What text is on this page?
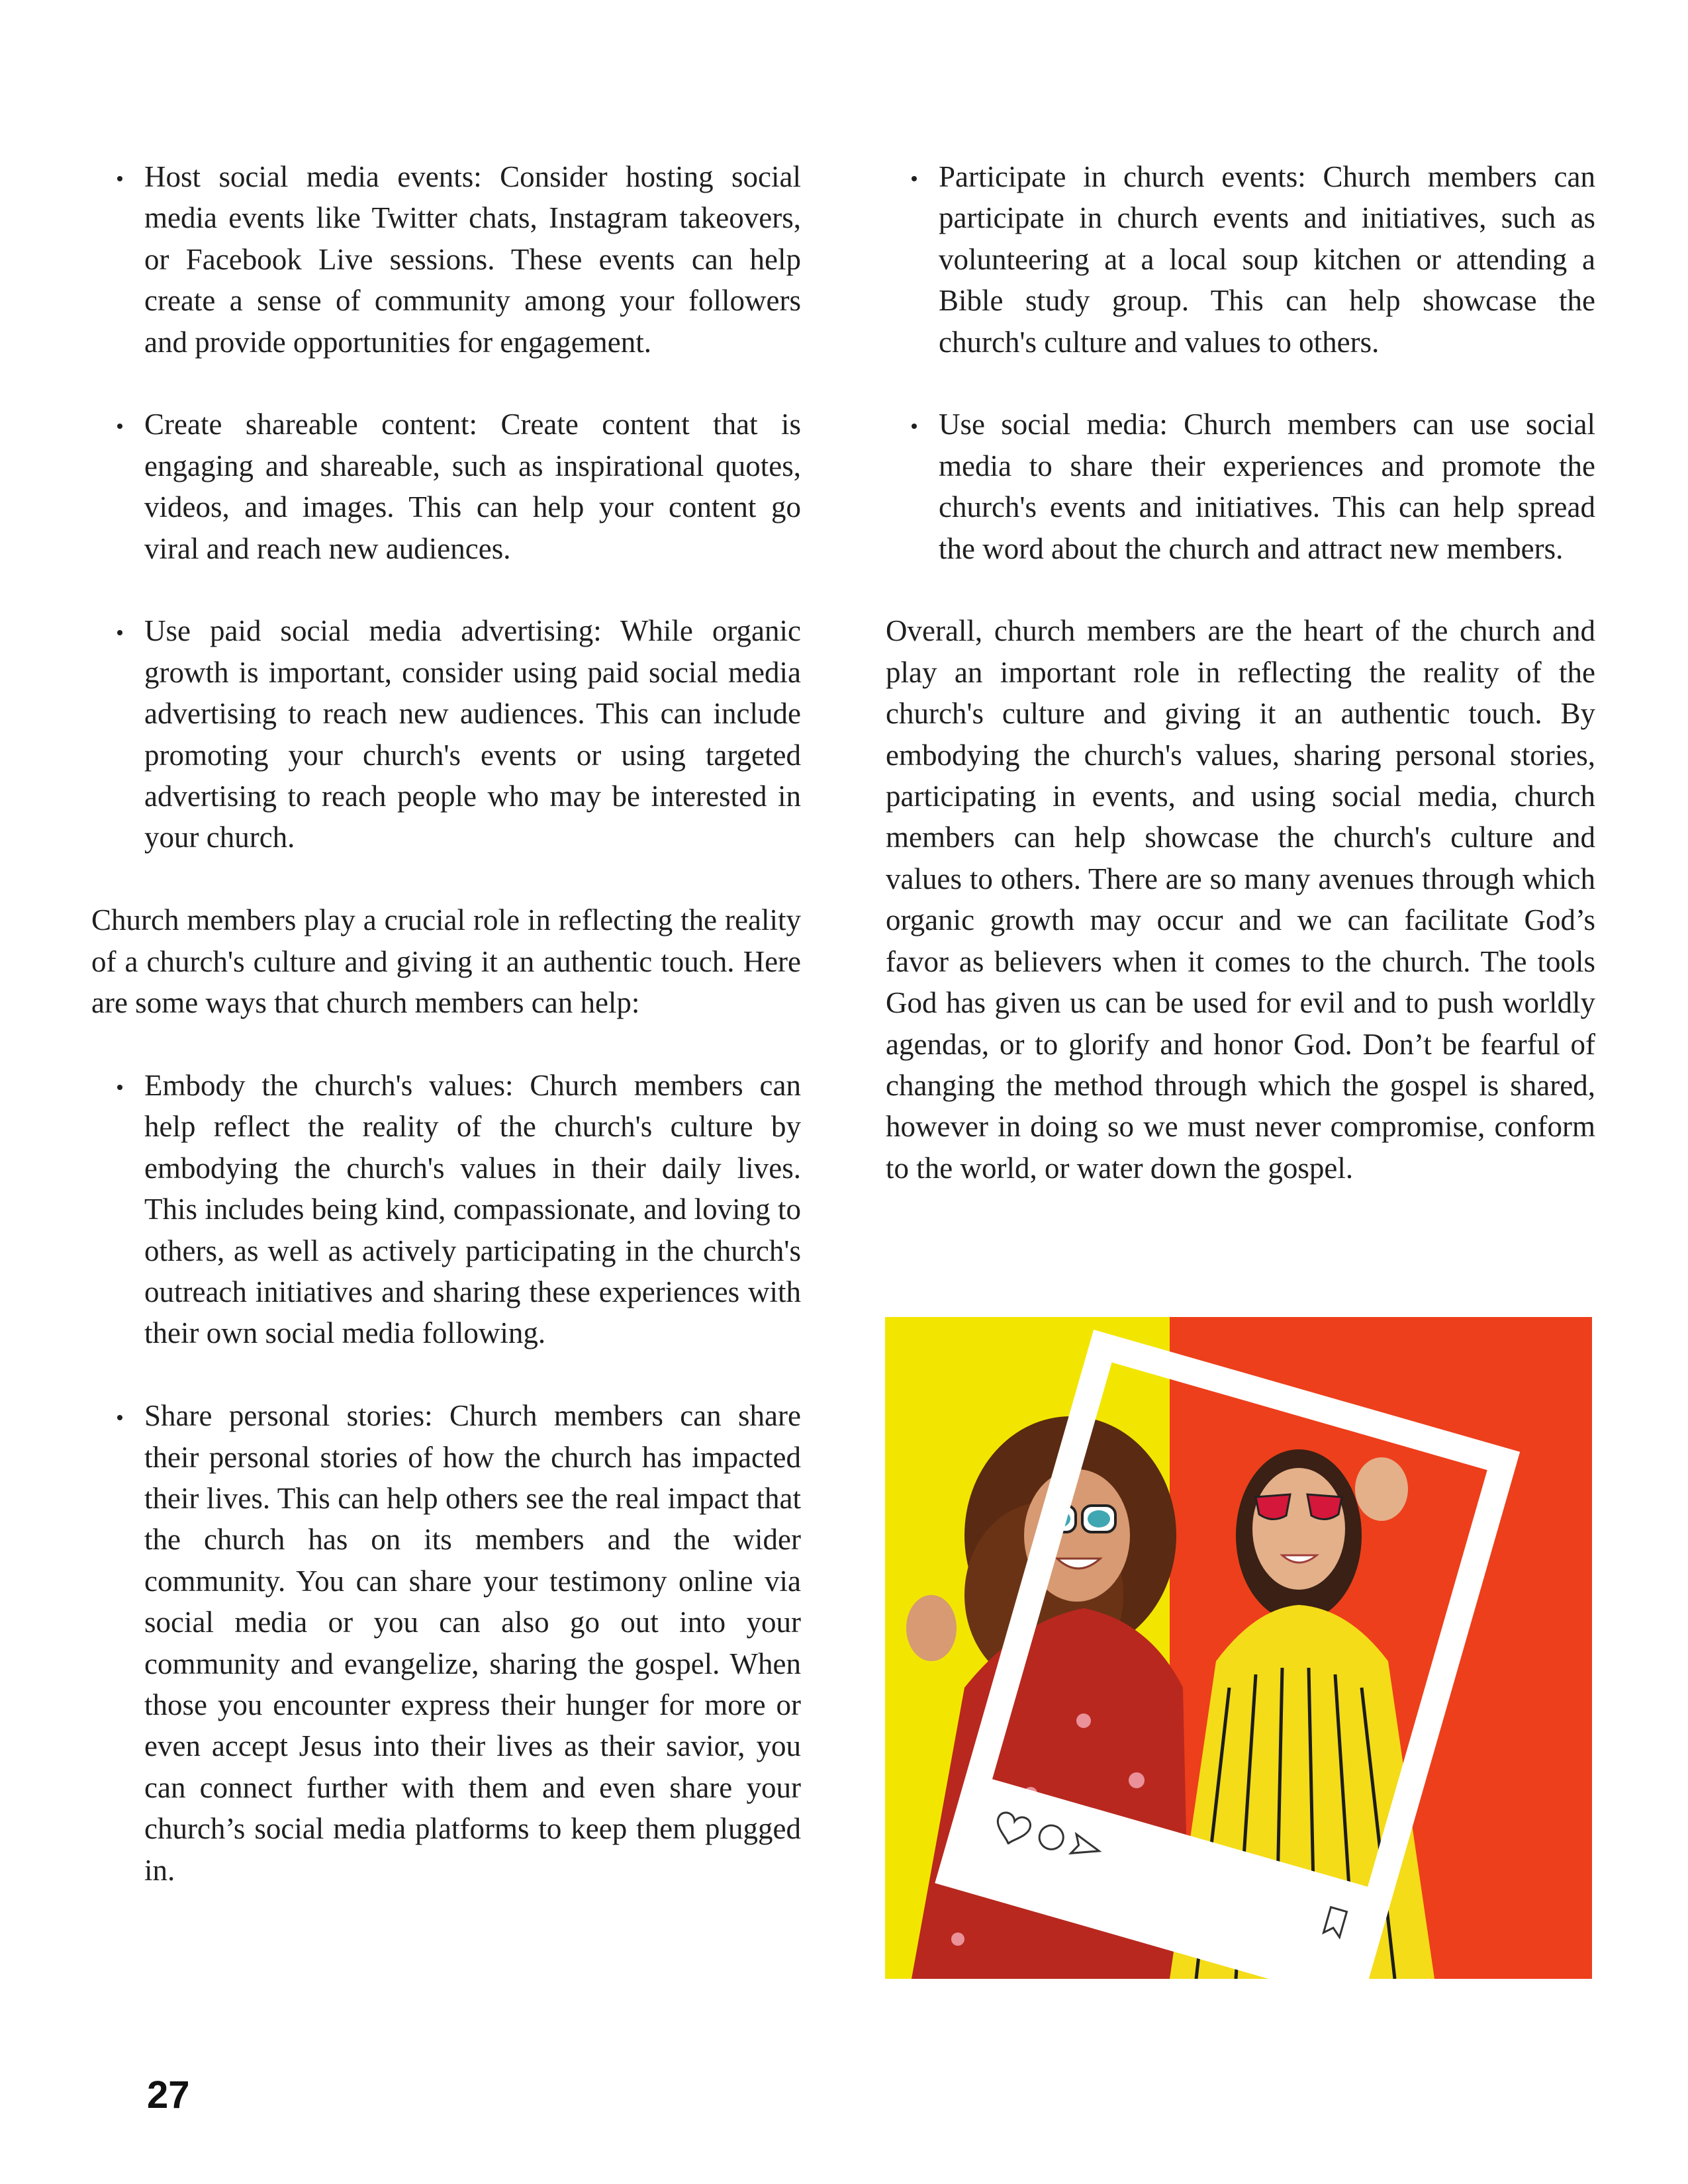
Host social media events: Consider hosting social media events like Twitter chats, Instagram takeovers, or Facebook Live sessions. These events can help create a sense of community among your followers and provide opportunities for engagement.
Create shareable content: Create content that is engaging and shareable, such as inspirational quotes, videos, and images. This can help your content go viral and reach new audiences.
Use paid social media advertising: While organic growth is important, consider using paid social media advertising to reach new audiences. This can include promoting your church's events or using targeted advertising to reach people who may be interested in your church.

Church members play a crucial role in reflecting the reality of a church's culture and giving it an authentic touch. Here are some ways that church members can help:

Embody the church's values: Church members can help reflect the reality of the church's culture by embodying the church's values in their daily lives. This includes being kind, compassionate, and loving to others, as well as actively participating in the church's outreach initiatives and sharing these experiences with their own social media following.
Share personal stories: Church members can share their personal stories of how the church has impacted their lives. This can help others see the real impact that the church has on its members and the wider community. You can share your testimony online via social media or you can also go out into your community and evangelize, sharing the gospel. When those you encounter express their hunger for more or even accept Jesus into their lives as their savior, you can connect further with them and even share your church’s social media platforms to keep them plugged in.
Participate in church events: Church members can participate in church events and initiatives, such as volunteering at a local soup kitchen or attending a Bible study group. This can help showcase the church's culture and values to others.
Use social media: Church members can use social media to share their experiences and promote the church's events and initiatives. This can help spread the word about the church and attract new members.

Overall, church members are the heart of the church and play an important role in reflecting the reality of the church's culture and giving it an authentic touch. By embodying the church's values, sharing personal stories, participating in events, and using social media, church members can help showcase the church's culture and values to others. There are so many avenues through which organic growth may occur and we can facilitate God’s favor as believers when it comes to the church. The tools God has given us can be used for evil and to push worldly agendas, or to glorify and honor God. Don’t be fearful of changing the method through which the gospel is shared, however in doing so we must never compromise, conform to the world, or water down the gospel.

27
